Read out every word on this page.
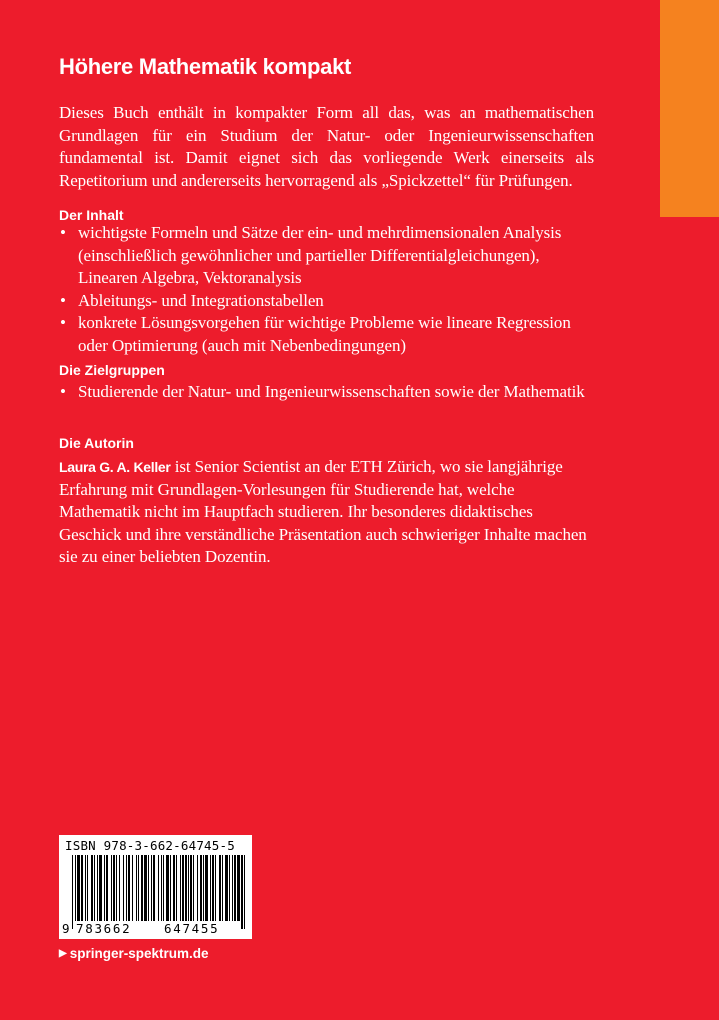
Höhere Mathematik kompakt

Dieses Buch enthält in kompakter Form all das, was an mathematischen Grundlagen für ein Studium der Natur- oder Ingenieurwissenschaften fundamental ist. Damit eignet sich das vorliegende Werk einerseits als Repetitorium und andererseits hervorragend als „Spickzettel“ für Prüfungen.

Der Inhalt
• wichtigste Formeln und Sätze der ein- und mehrdimensionalen Analysis (einschließlich gewöhnlicher und partieller Differentialgleichungen), Linearen Algebra, Vektoranalysis
• Ableitungs- und Integrationstabellen
• konkrete Lösungsvorgehen für wichtige Probleme wie lineare Regression oder Optimierung (auch mit Nebenbedingungen)
Die Zielgruppen
• Studierende der Natur- und Ingenieurwissenschaften sowie der Mathematik
Die Autorin

Laura G. A. Keller ist Senior Scientist an der ETH Zürich, wo sie langjährige Erfahrung mit Grundlagen-Vorlesungen für Studierende hat, welche Mathematik nicht im Hauptfach studieren. Ihr besonderes didaktisches Geschick und ihre verständliche Präsentation auch schwieriger Inhalte machen sie zu einer beliebten Dozentin.

ISBN 978-3-662-64745-5

9 783662	647455

▶ springer-spektrum.de
